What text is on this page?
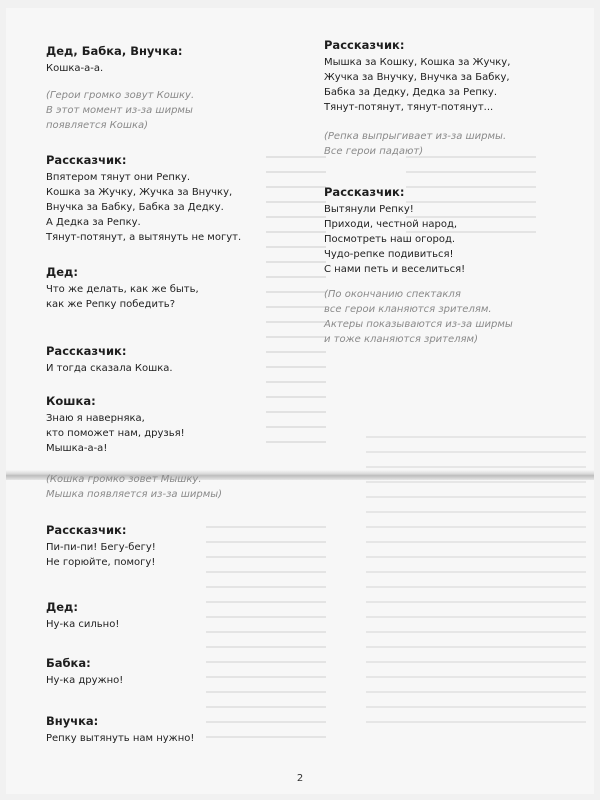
Дед, Бабка, Внучка:
Кошка-а-а.
(Герои громко зовут Кошку.
В этот момент из-за ширмы
появляется Кошка)
Рассказчик:
Впятером тянут они Репку.
Кошка за Жучку, Жучка за Внучку,
Внучка за Бабку, Бабка за Дедку.
А Дедка за Репку.
Тянут-потянут, а вытянуть не могут.
Дед:
Что же делать, как же быть,
как же Репку победить?
Рассказчик:
И тогда сказала Кошка.
Кошка:
Знаю я наверняка,
кто поможет нам, друзья!
Мышка-а-а!
(Кошка громко зовет Мышку.
Мышка появляется из-за ширмы)
Рассказчик:
Пи-пи-пи! Бегу-бегу!
Не горюйте, помогу!
Дед:
Ну-ка сильно!
Бабка:
Ну-ка дружно!
Внучка:
Репку вытянуть нам нужно!
Рассказчик:
Мышка за Кошку, Кошка за Жучку,
Жучка за Внучку, Внучка за Бабку,
Бабка за Дедку, Дедка за Репку.
Тянут-потянут, тянут-потянут...
(Репка выпрыгивает из-за ширмы.
Все герои падают)
Рассказчик:
Вытянули Репку!
Приходи, честной народ,
Посмотреть наш огород.
Чудо-репке подивиться!
С нами петь и веселиться!
(По окончанию спектакля
все герои кланяются зрителям.
Актеры показываются из-за ширмы
и тоже кланяются зрителям)
2
